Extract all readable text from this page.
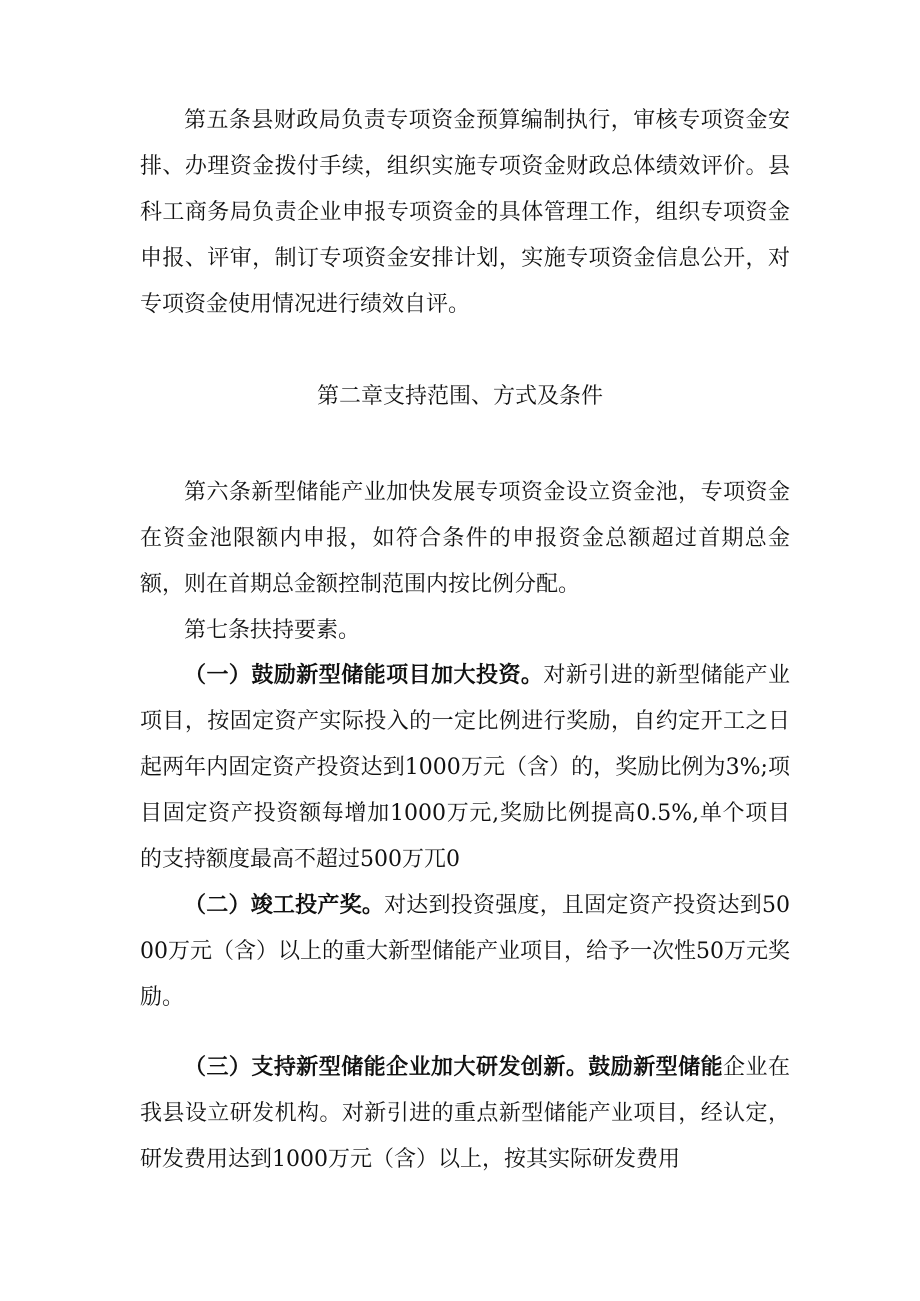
第五条县财政局负责专项资金预算编制执行，审核专项资金安排、办理资金拨付手续，组织实施专项资金财政总体绩效评价。县科工商务局负责企业申报专项资金的具体管理工作，组织专项资金申报、评审，制订专项资金安排计划，实施专项资金信息公开，对专项资金使用情况进行绩效自评。

第二章支持范围、方式及条件

第六条新型储能产业加快发展专项资金设立资金池，专项资金在资金池限额内申报，如符合条件的申报资金总额超过首期总金额，则在首期总金额控制范围内按比例分配。

第七条扶持要素。

（一）鼓励新型储能项目加大投资。对新引进的新型储能产业项目，按固定资产实际投入的一定比例进行奖励，自约定开工之日起两年内固定资产投资达到1000万元（含）的，奖励比例为3%;项目固定资产投资额每增加1000万元,奖励比例提高0.5%,单个项目的支持额度最高不超过500万兀0

（二）竣工投产奖。对达到投资强度，且固定资产投资达到5000万元（含）以上的重大新型储能产业项目，给予一次性50万元奖励。

（三）支持新型储能企业加大研发创新。鼓励新型储能企业在我县设立研发机构。对新引进的重点新型储能产业项目，经认定，研发费用达到1000万元（含）以上，按其实际研发费用
